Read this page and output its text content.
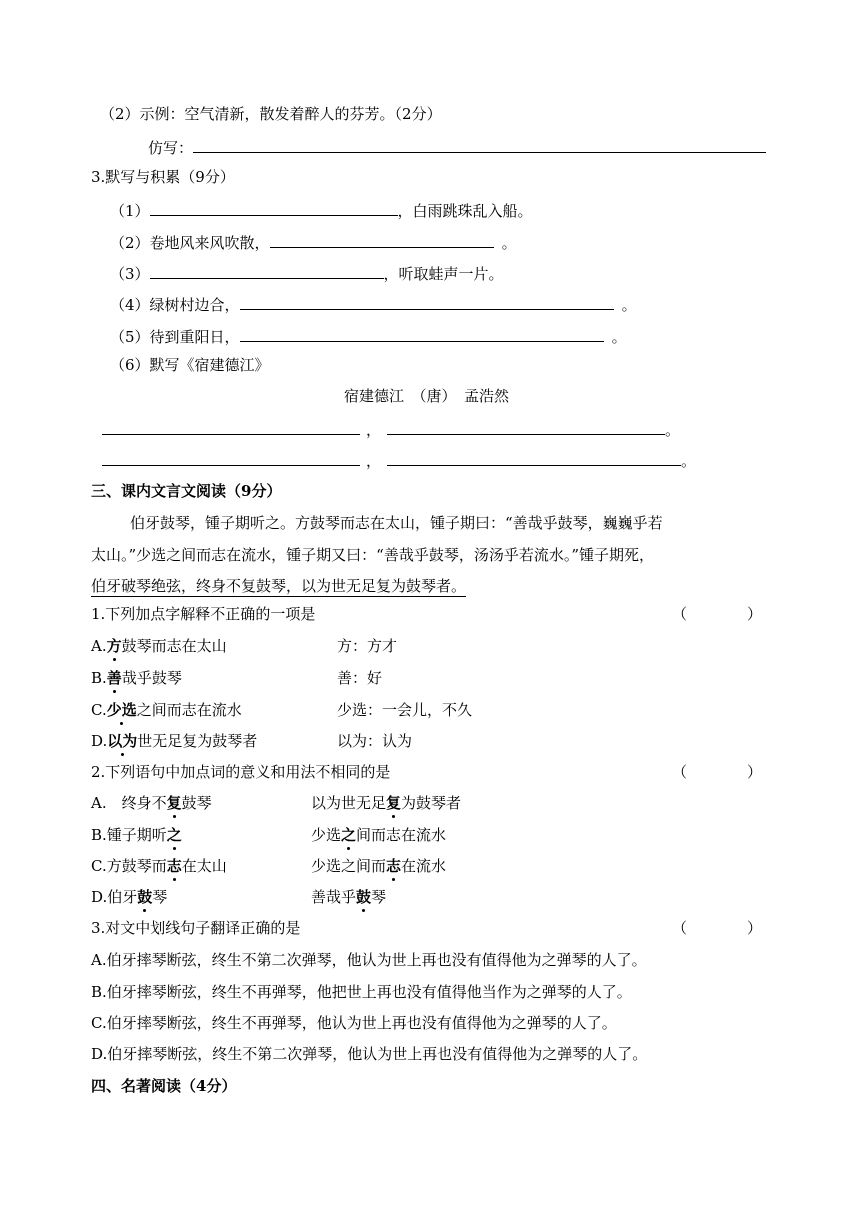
（2）示例：空气清新，散发着醉人的芬芳。（2分）
仿写：
3.默写与积累（9分）
（1）	，白雨跳珠乱入船。
（2）卷地风来风吹散，	。
（3）	，听取蛙声一片。
（4）绿树村边合，	。
（5）待到重阳日，	。
（6）默写《宿建德江》
宿建德江　（唐）　孟浩然
，	。
，	。
三、课内文言文阅读（9分）
伯牙鼓琴，锺子期听之。方鼓琴而志在太山，锺子期曰：“善哉乎鼓琴，巍巍乎若
太山。”少选之间而志在流水，锺子期又曰：“善哉乎鼓琴，汤汤乎若流水。”锺子期死，
伯牙破琴绝弦，终身不复鼓琴，以为世无足复为鼓琴者。
1.下列加点字解释不正确的一项是	（　　　　）
A.方鼓琴而志在太山	方：方才
B.善哉乎鼓琴	善：好
C.少选之间而志在流水	少选：一会儿，不久
D.以为世无足复为鼓琴者	以为：认为
2.下列语句中加点词的意义和用法不相同的是	（　　　　）
A.　终身不复鼓琴	以为世无足复为鼓琴者
B.锺子期听之	少选之间而志在流水
C.方鼓琴而志在太山	少选之间而志在流水
D.伯牙鼓琴	善哉乎鼓琴
3.对文中划线句子翻译正确的是	（　　　　）
A.伯牙摔琴断弦，终生不第二次弹琴，他认为世上再也没有值得他为之弹琴的人了。
B.伯牙摔琴断弦，终生不再弹琴，他把世上再也没有值得他当作为之弹琴的人了。
C.伯牙摔琴断弦，终生不再弹琴，他认为世上再也没有值得他为之弹琴的人了。
D.伯牙摔琴断弦，终生不第二次弹琴，他认为世上再也没有值得他为之弹琴的人了。
四、名著阅读（4分）
